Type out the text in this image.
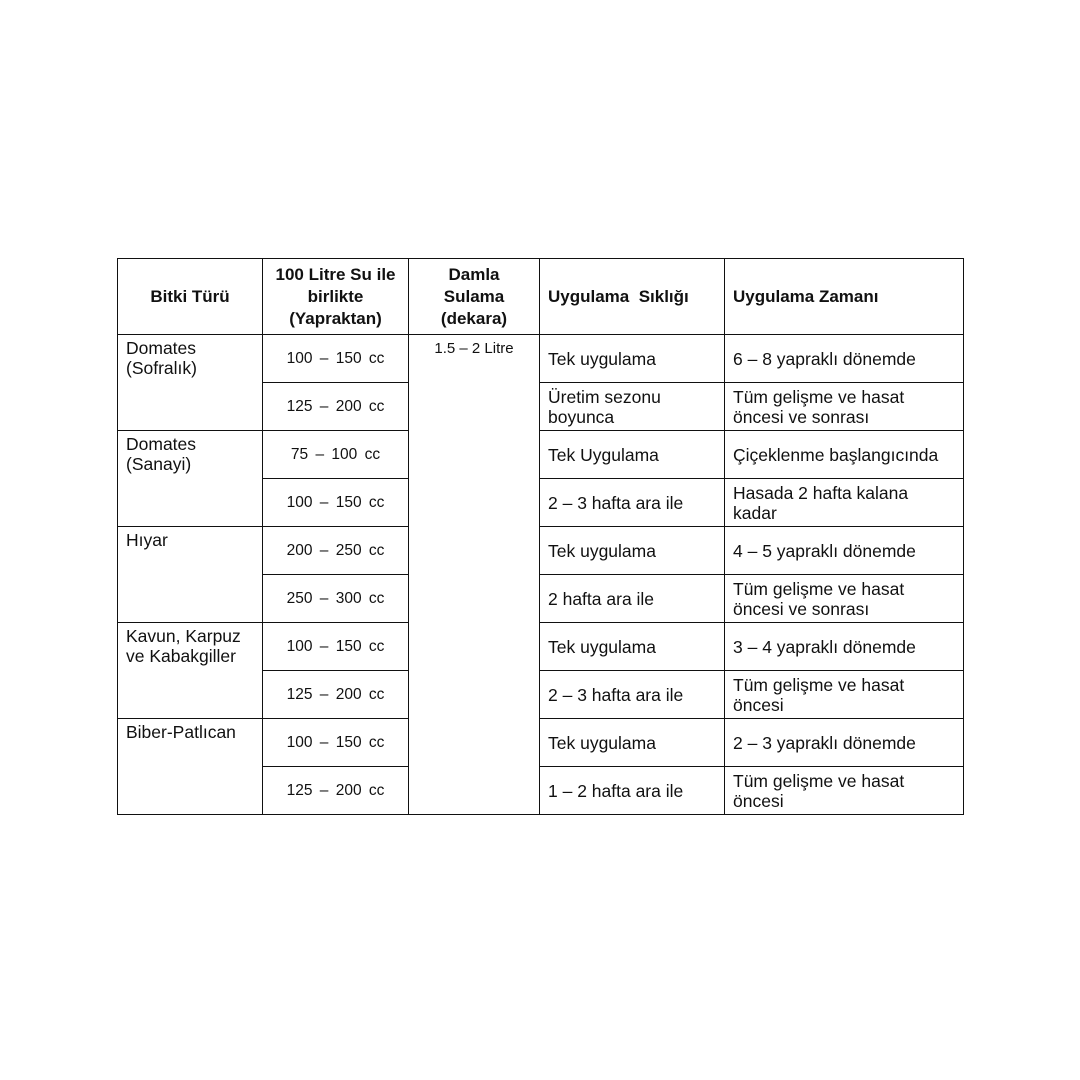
Bitki Türü	100 Litre Su ile birlikte (Yapraktan)	Damla Sulama (dekara)	Uygulama  Sıklığı	Uygulama Zamanı
Domates (Sofralık)	100 – 150 cc	1.5 – 2 Litre	Tek uygulama	6 – 8 yapraklı dönemde
	125 – 200 cc		Üretim sezonu boyunca	Tüm gelişme ve hasat öncesi ve sonrası
Domates (Sanayi)	75 – 100 cc		Tek Uygulama	Çiçeklenme başlangıcında
	100 – 150 cc		2 – 3 hafta ara ile	Hasada 2 hafta kalana kadar
Hıyar	200 – 250 cc		Tek uygulama	4 – 5 yapraklı dönemde
	250 – 300 cc		2 hafta ara ile	Tüm gelişme ve hasat öncesi ve sonrası
Kavun, Karpuz ve Kabakgiller	100 – 150 cc		Tek uygulama	3 – 4 yapraklı dönemde
	125 – 200 cc		2 – 3 hafta ara ile	Tüm gelişme ve hasat öncesi
Biber-Patlıcan	100 – 150 cc		Tek uygulama	2 – 3 yapraklı dönemde
	125 – 200 cc		1 – 2 hafta ara ile	Tüm gelişme ve hasat öncesi
